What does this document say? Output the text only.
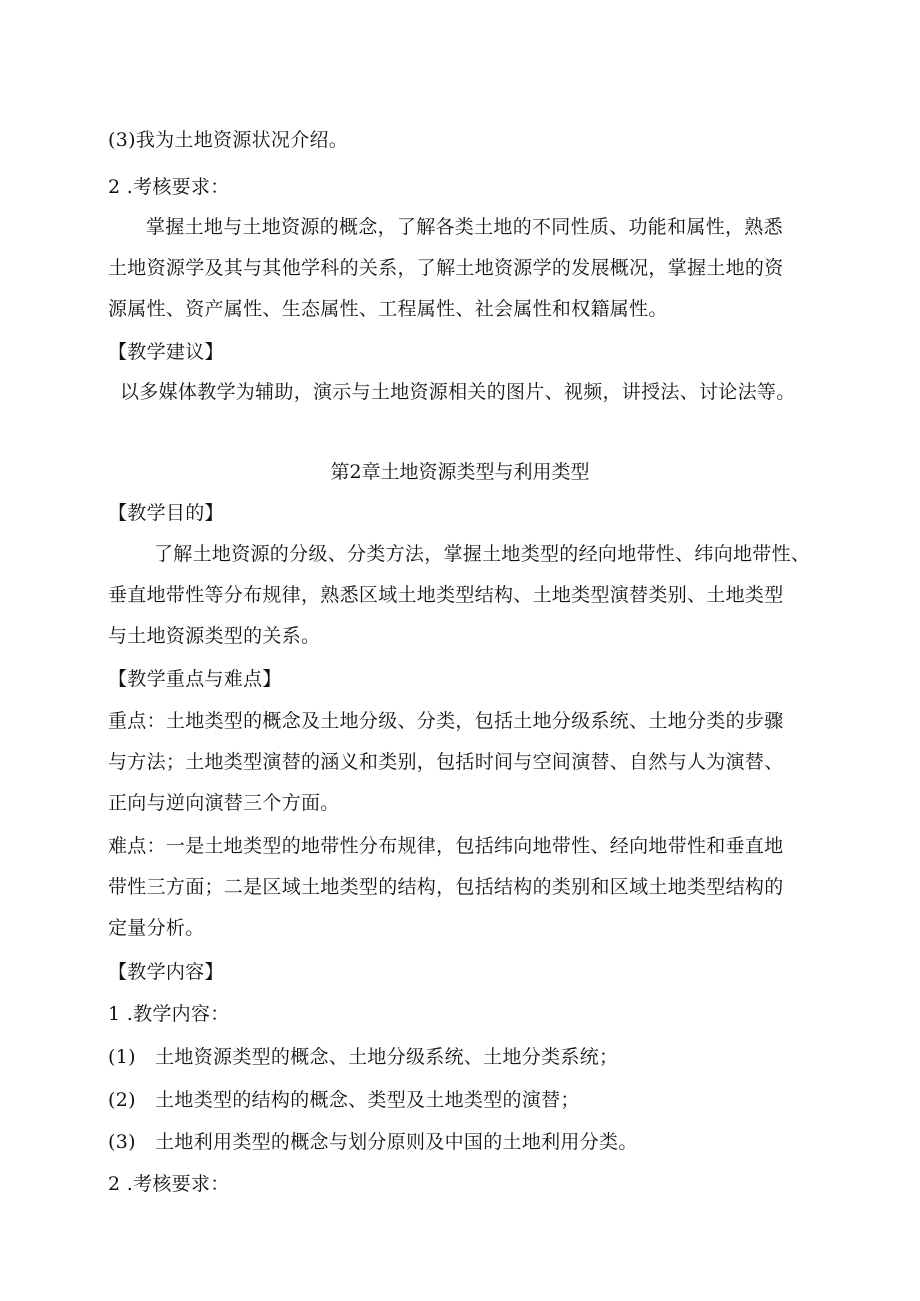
(3)我为土地资源状况介绍。
2 .考核要求：
掌握土地与土地资源的概念，了解各类土地的不同性质、功能和属性，熟悉
土地资源学及其与其他学科的关系，了解土地资源学的发展概况，掌握土地的资
源属性、资产属性、生态属性、工程属性、社会属性和权籍属性。
【教学建议】
以多媒体教学为辅助，演示与土地资源相关的图片、视频，讲授法、讨论法等。
第2章土地资源类型与利用类型
【教学目的】
了解土地资源的分级、分类方法，掌握土地类型的经向地带性、纬向地带性、
垂直地带性等分布规律，熟悉区域土地类型结构、土地类型演替类别、土地类型
与土地资源类型的关系。
【教学重点与难点】
重点：土地类型的概念及土地分级、分类，包括土地分级系统、土地分类的步骤
与方法；土地类型演替的涵义和类别，包括时间与空间演替、自然与人为演替、
正向与逆向演替三个方面。
难点：一是土地类型的地带性分布规律，包括纬向地带性、经向地带性和垂直地
带性三方面；二是区域土地类型的结构，包括结构的类别和区域土地类型结构的
定量分析。
【教学内容】
1 .教学内容：
(1)　土地资源类型的概念、土地分级系统、土地分类系统；
(2)　土地类型的结构的概念、类型及土地类型的演替；
(3)　土地利用类型的概念与划分原则及中国的土地利用分类。
2 .考核要求：
